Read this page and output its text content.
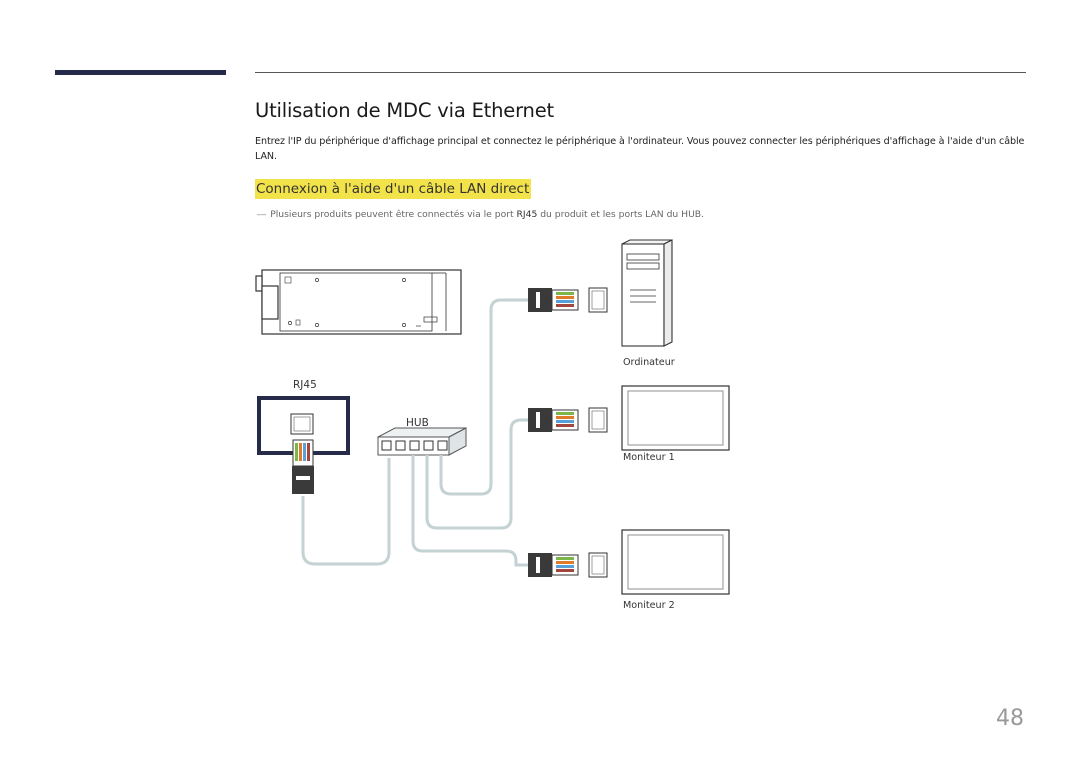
Utilisation de MDC via Ethernet

Entrez l'IP du périphérique d'affichage principal et connectez le périphérique à l'ordinateur. Vous pouvez connecter les périphériques d'affichage à l'aide d'un câble LAN.

Connexion à l'aide d'un câble LAN direct

― Plusieurs produits peuvent être connectés via le port RJ45 du produit et les ports LAN du HUB.

RJ45
HUB
Ordinateur
Moniteur 1
Moniteur 2
48
